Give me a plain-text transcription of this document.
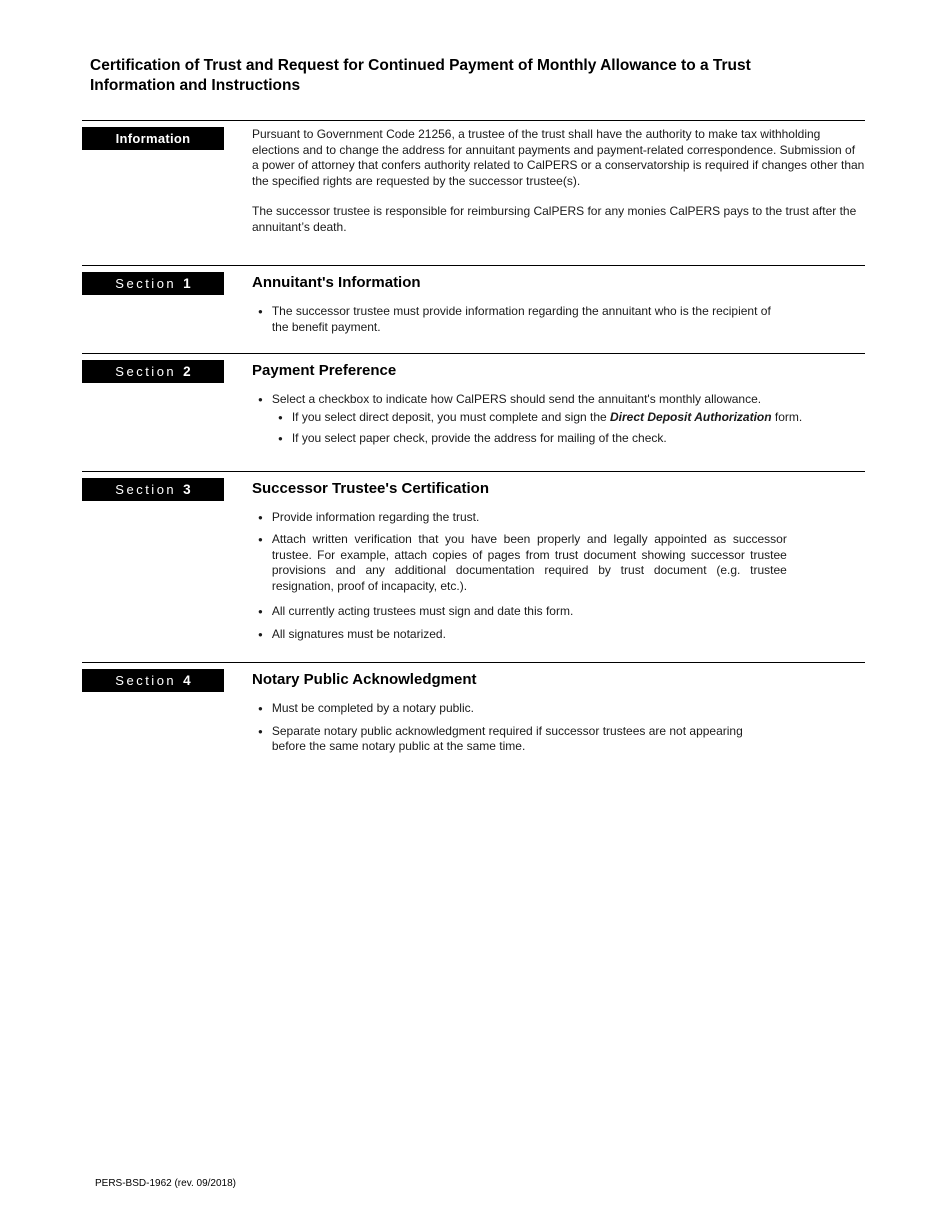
Certification of Trust and Request for Continued Payment of Monthly Allowance to a Trust
Information and Instructions
Information	Pursuant to Government Code 21256, a trustee of the trust shall have the authority to make tax withholding elections and to change the address for annuitant payments and payment-related correspondence. Submission of a power of attorney that confers authority related to CalPERS or a conservatorship is required if changes other than the specified rights are requested by the successor trustee(s).

The successor trustee is responsible for reimbursing CalPERS for any monies CalPERS pays to the trust after the annuitant’s death.

Section 1	Annuitant's Information
● The successor trustee must provide information regarding the annuitant who is the recipient of the benefit payment.
Section 2	Payment Preference
● Select a checkbox to indicate how CalPERS should send the annuitant's monthly allowance.
● If you select direct deposit, you must complete and sign the Direct Deposit Authorization form.
● If you select paper check, provide the address for mailing of the check.
Section 3	Successor Trustee's Certification
● Provide information regarding the trust.
● Attach written verification that you have been properly and legally appointed as successor trustee. For example, attach copies of pages from trust document showing successor trustee provisions and any additional documentation required by trust document (e.g. trustee resignation, proof of incapacity, etc.).
● All currently acting trustees must sign and date this form.
● All signatures must be notarized.
Section 4	Notary Public Acknowledgment
● Must be completed by a notary public.
● Separate notary public acknowledgment required if successor trustees are not appearing before the same notary public at the same time.
PERS-BSD-1962 (rev. 09/2018)
